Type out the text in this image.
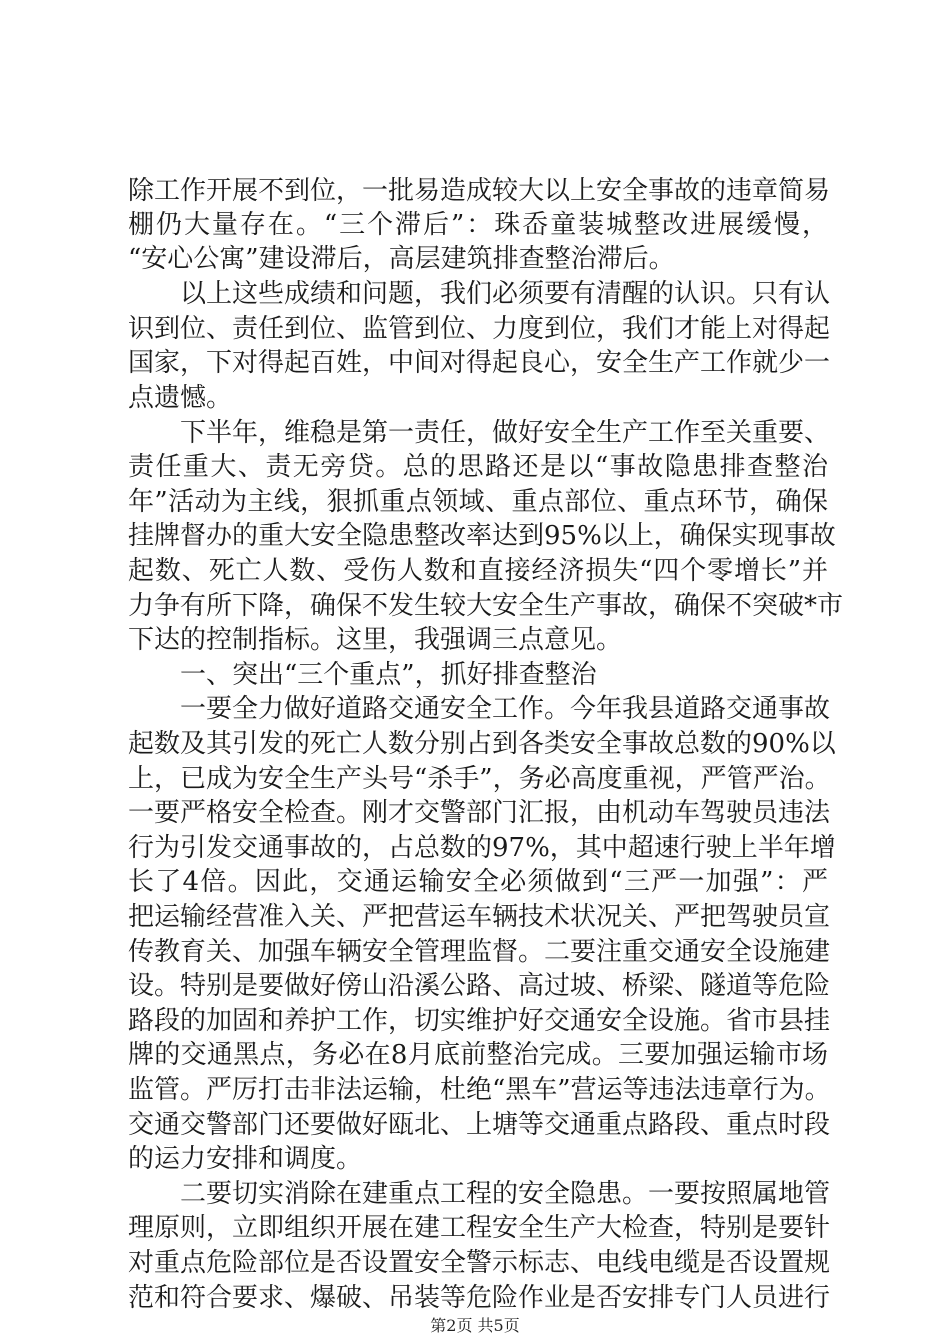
除工作开展不到位，一批易造成较大以上安全事故的违章简易
棚仍大量存在。“三个滞后”：珠岙童装城整改进展缓慢，
“安心公寓”建设滞后，高层建筑排查整治滞后。
以上这些成绩和问题，我们必须要有清醒的认识。只有认
识到位、责任到位、监管到位、力度到位，我们才能上对得起
国家，下对得起百姓，中间对得起良心，安全生产工作就少一
点遗憾。
下半年，维稳是第一责任，做好安全生产工作至关重要、
责任重大、责无旁贷。总的思路还是以“事故隐患排查整治
年”活动为主线，狠抓重点领域、重点部位、重点环节，确保
挂牌督办的重大安全隐患整改率达到95%以上，确保实现事故
起数、死亡人数、受伤人数和直接经济损失“四个零增长”并
力争有所下降，确保不发生较大安全生产事故，确保不突破*市
下达的控制指标。这里，我强调三点意见。
一、突出“三个重点”，抓好排查整治
一要全力做好道路交通安全工作。今年我县道路交通事故
起数及其引发的死亡人数分别占到各类安全事故总数的90%以
上，已成为安全生产头号“杀手”，务必高度重视，严管严治。
一要严格安全检查。刚才交警部门汇报，由机动车驾驶员违法
行为引发交通事故的，占总数的97%，其中超速行驶上半年增
长了4倍。因此，交通运输安全必须做到“三严一加强”：严
把运输经营准入关、严把营运车辆技术状况关、严把驾驶员宣
传教育关、加强车辆安全管理监督。二要注重交通安全设施建
设。特别是要做好傍山沿溪公路、高过坡、桥梁、隧道等危险
路段的加固和养护工作，切实维护好交通安全设施。省市县挂
牌的交通黑点，务必在8月底前整治完成。三要加强运输市场
监管。严厉打击非法运输，杜绝“黑车”营运等违法违章行为。
交通交警部门还要做好瓯北、上塘等交通重点路段、重点时段
的运力安排和调度。
二要切实消除在建重点工程的安全隐患。一要按照属地管
理原则，立即组织开展在建工程安全生产大检查，特别是要针
对重点危险部位是否设置安全警示标志、电线电缆是否设置规
范和符合要求、爆破、吊装等危险作业是否安排专门人员进行
第2页 共5页
